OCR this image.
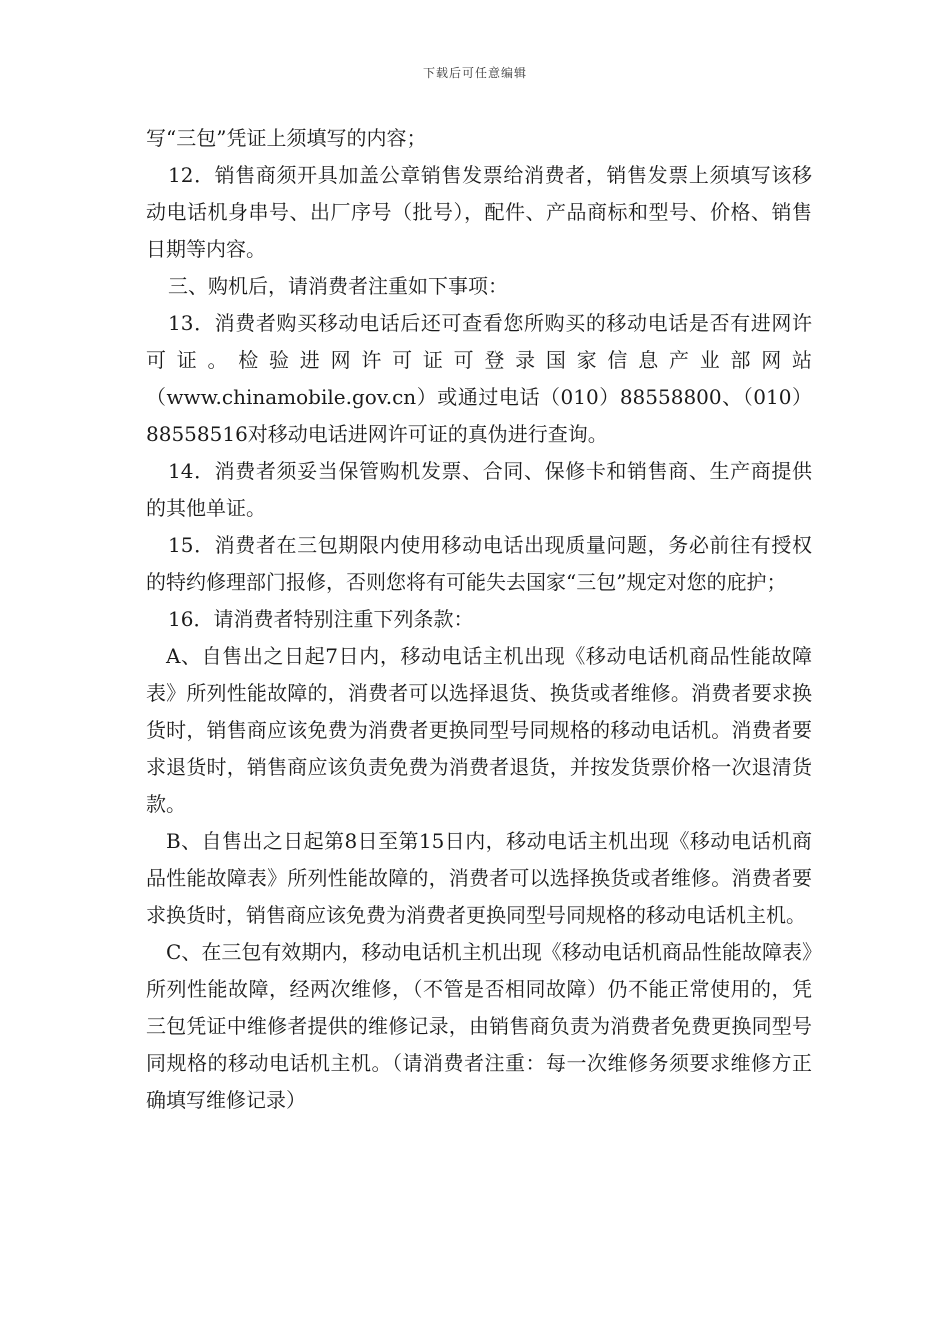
下载后可任意编辑

写“三包”凭证上须填写的内容；

12．销售商须开具加盖公章销售发票给消费者，销售发票上须填写该移动电话机身串号、出厂序号（批号），配件、产品商标和型号、价格、销售日期等内容。

三、购机后，请消费者注重如下事项：

13．消费者购买移动电话后还可查看您所购买的移动电话是否有进网许可证。检验进网许可证可登录国家信息产业部网站（www.chinamobile.gov.cn）或通过电话（010）88558800、（010）88558516对移动电话进网许可证的真伪进行查询。

14．消费者须妥当保管购机发票、合同、保修卡和销售商、生产商提供的其他单证。

15．消费者在三包期限内使用移动电话出现质量问题，务必前往有授权的特约修理部门报修，否则您将有可能失去国家“三包”规定对您的庇护；

16．请消费者特别注重下列条款：

A、自售出之日起7日内，移动电话主机出现《移动电话机商品性能故障表》所列性能故障的，消费者可以选择退货、换货或者维修。消费者要求换货时，销售商应该免费为消费者更换同型号同规格的移动电话机。消费者要求退货时，销售商应该负责免费为消费者退货，并按发货票价格一次退清货款。

B、自售出之日起第8日至第15日内，移动电话主机出现《移动电话机商品性能故障表》所列性能故障的，消费者可以选择换货或者维修。消费者要求换货时，销售商应该免费为消费者更换同型号同规格的移动电话机主机。

C、在三包有效期内，移动电话机主机出现《移动电话机商品性能故障表》所列性能故障，经两次维修，（不管是否相同故障）仍不能正常使用的，凭三包凭证中维修者提供的维修记录，由销售商负责为消费者免费更换同型号同规格的移动电话机主机。（请消费者注重：每一次维修务须要求维修方正确填写维修记录）
